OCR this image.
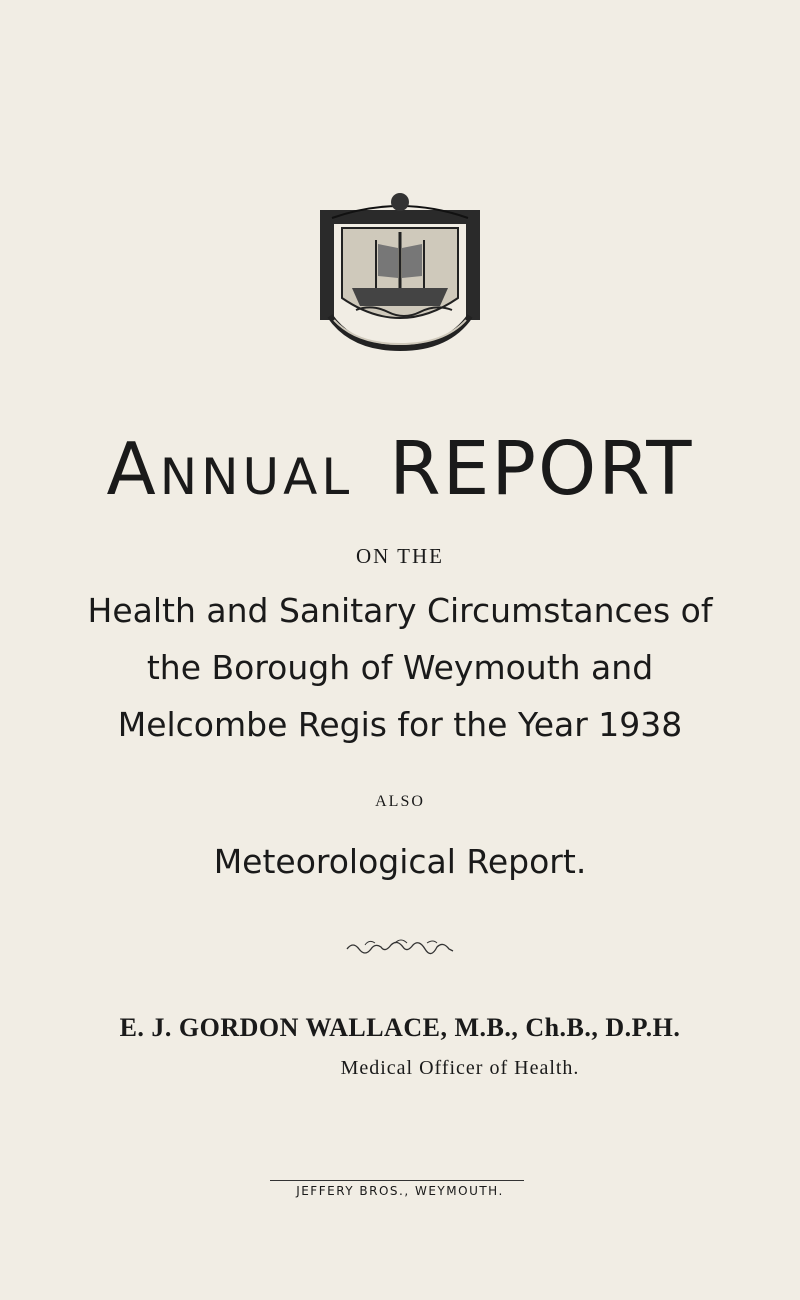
Annual REPORT
ON THE
Health and Sanitary Circumstances of
the Borough of Weymouth and
Melcombe Regis for the Year 1938
ALSO
Meteorological Report.
E. J. GORDON WALLACE, M.B., Ch.B., D.P.H.
Medical Officer of Health.
JEFFERY BROS., WEYMOUTH.
